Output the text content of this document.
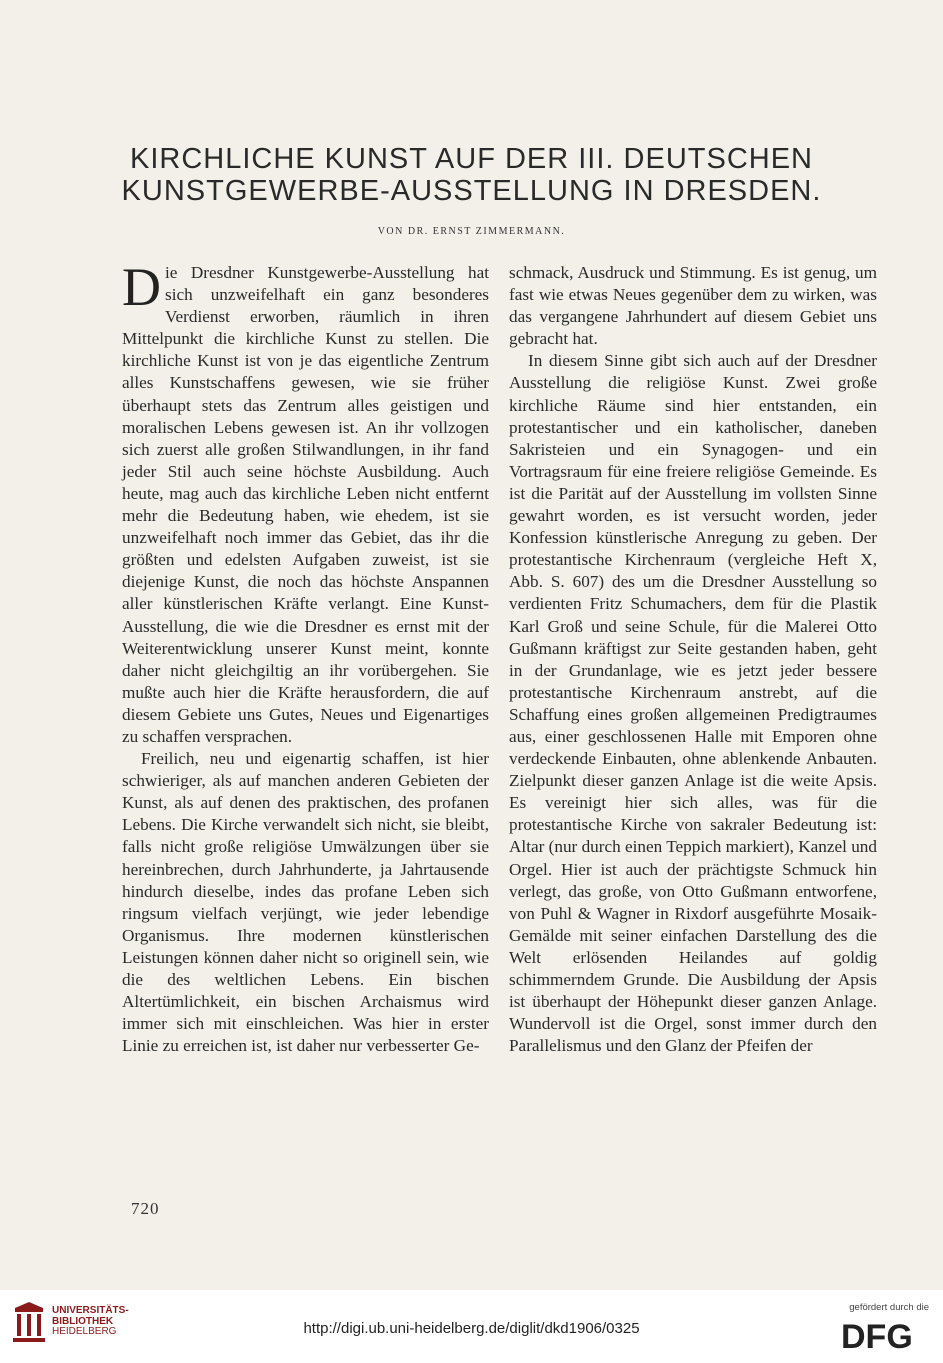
KIRCHLICHE KUNST AUF DER III. DEUTSCHEN
KUNSTGEWERBE-AUSSTELLUNG IN DRESDEN.
VON DR. ERNST ZIMMERMANN.

Die Dresdner Kunstgewerbe-Ausstellung hat sich unzweifelhaft ein ganz besonderes Verdienst erworben, räumlich in ihren Mittelpunkt die kirchliche Kunst zu stellen. Die kirchliche Kunst ist von je das eigentliche Zentrum alles Kunstschaffens gewesen, wie sie früher überhaupt stets das Zentrum alles geistigen und moralischen Lebens gewesen ist. An ihr vollzogen sich zuerst alle großen Stilwandlungen, in ihr fand jeder Stil auch seine höchste Ausbildung. Auch heute, mag auch das kirchliche Leben nicht entfernt mehr die Bedeutung haben, wie ehedem, ist sie unzweifelhaft noch immer das Gebiet, das ihr die größten und edelsten Aufgaben zuweist, ist sie diejenige Kunst, die noch das höchste Anspannen aller künstlerischen Kräfte verlangt. Eine Kunst-Ausstellung, die wie die Dresdner es ernst mit der Weiterentwicklung unserer Kunst meint, konnte daher nicht gleichgiltig an ihr vorübergehen. Sie mußte auch hier die Kräfte herausfordern, die auf diesem Gebiete uns Gutes, Neues und Eigenartiges zu schaffen versprachen.

Freilich, neu und eigenartig schaffen, ist hier schwieriger, als auf manchen anderen Gebieten der Kunst, als auf denen des praktischen, des profanen Lebens. Die Kirche verwandelt sich nicht, sie bleibt, falls nicht große religiöse Umwälzungen über sie hereinbrechen, durch Jahrhunderte, ja Jahrtausende hindurch dieselbe, indes das profane Leben sich ringsum vielfach verjüngt, wie jeder lebendige Organismus. Ihre modernen künstlerischen Leistungen können daher nicht so originell sein, wie die des weltlichen Lebens. Ein bischen Altertümlichkeit, ein bischen Archaismus wird immer sich mit einschleichen. Was hier in erster Linie zu erreichen ist, ist daher nur verbesserter Ge-

schmack, Ausdruck und Stimmung. Es ist genug, um fast wie etwas Neues gegenüber dem zu wirken, was das vergangene Jahrhundert auf diesem Gebiet uns gebracht hat.

In diesem Sinne gibt sich auch auf der Dresdner Ausstellung die religiöse Kunst. Zwei große kirchliche Räume sind hier entstanden, ein protestantischer und ein katholischer, daneben Sakristeien und ein Synagogen- und ein Vortragsraum für eine freiere religiöse Gemeinde. Es ist die Parität auf der Ausstellung im vollsten Sinne gewahrt worden, es ist versucht worden, jeder Konfession künstlerische Anregung zu geben. Der protestantische Kirchenraum (vergleiche Heft X, Abb. S. 607) des um die Dresdner Ausstellung so verdienten Fritz Schumachers, dem für die Plastik Karl Groß und seine Schule, für die Malerei Otto Gußmann kräftigst zur Seite gestanden haben, geht in der Grundanlage, wie es jetzt jeder bessere protestantische Kirchenraum anstrebt, auf die Schaffung eines großen allgemeinen Predigtraumes aus, einer geschlossenen Halle mit Emporen ohne verdeckende Einbauten, ohne ablenkende Anbauten. Zielpunkt dieser ganzen Anlage ist die weite Apsis. Es vereinigt hier sich alles, was für die protestantische Kirche von sakraler Bedeutung ist: Altar (nur durch einen Teppich markiert), Kanzel und Orgel. Hier ist auch der prächtigste Schmuck hin verlegt, das große, von Otto Gußmann entworfene, von Puhl & Wagner in Rixdorf ausgeführte Mosaik-Gemälde mit seiner einfachen Darstellung des die Welt erlösenden Heilandes auf goldig schimmerndem Grunde. Die Ausbildung der Apsis ist überhaupt der Höhepunkt dieser ganzen Anlage. Wundervoll ist die Orgel, sonst immer durch den Parallelismus und den Glanz der Pfeifen der

720
UNIVERSITÄTS-
BIBLIOTHEK
HEIDELBERG	http://digi.ub.uni-heidelberg.de/diglit/dkd1906/0325
gefördert durch die
DFG
